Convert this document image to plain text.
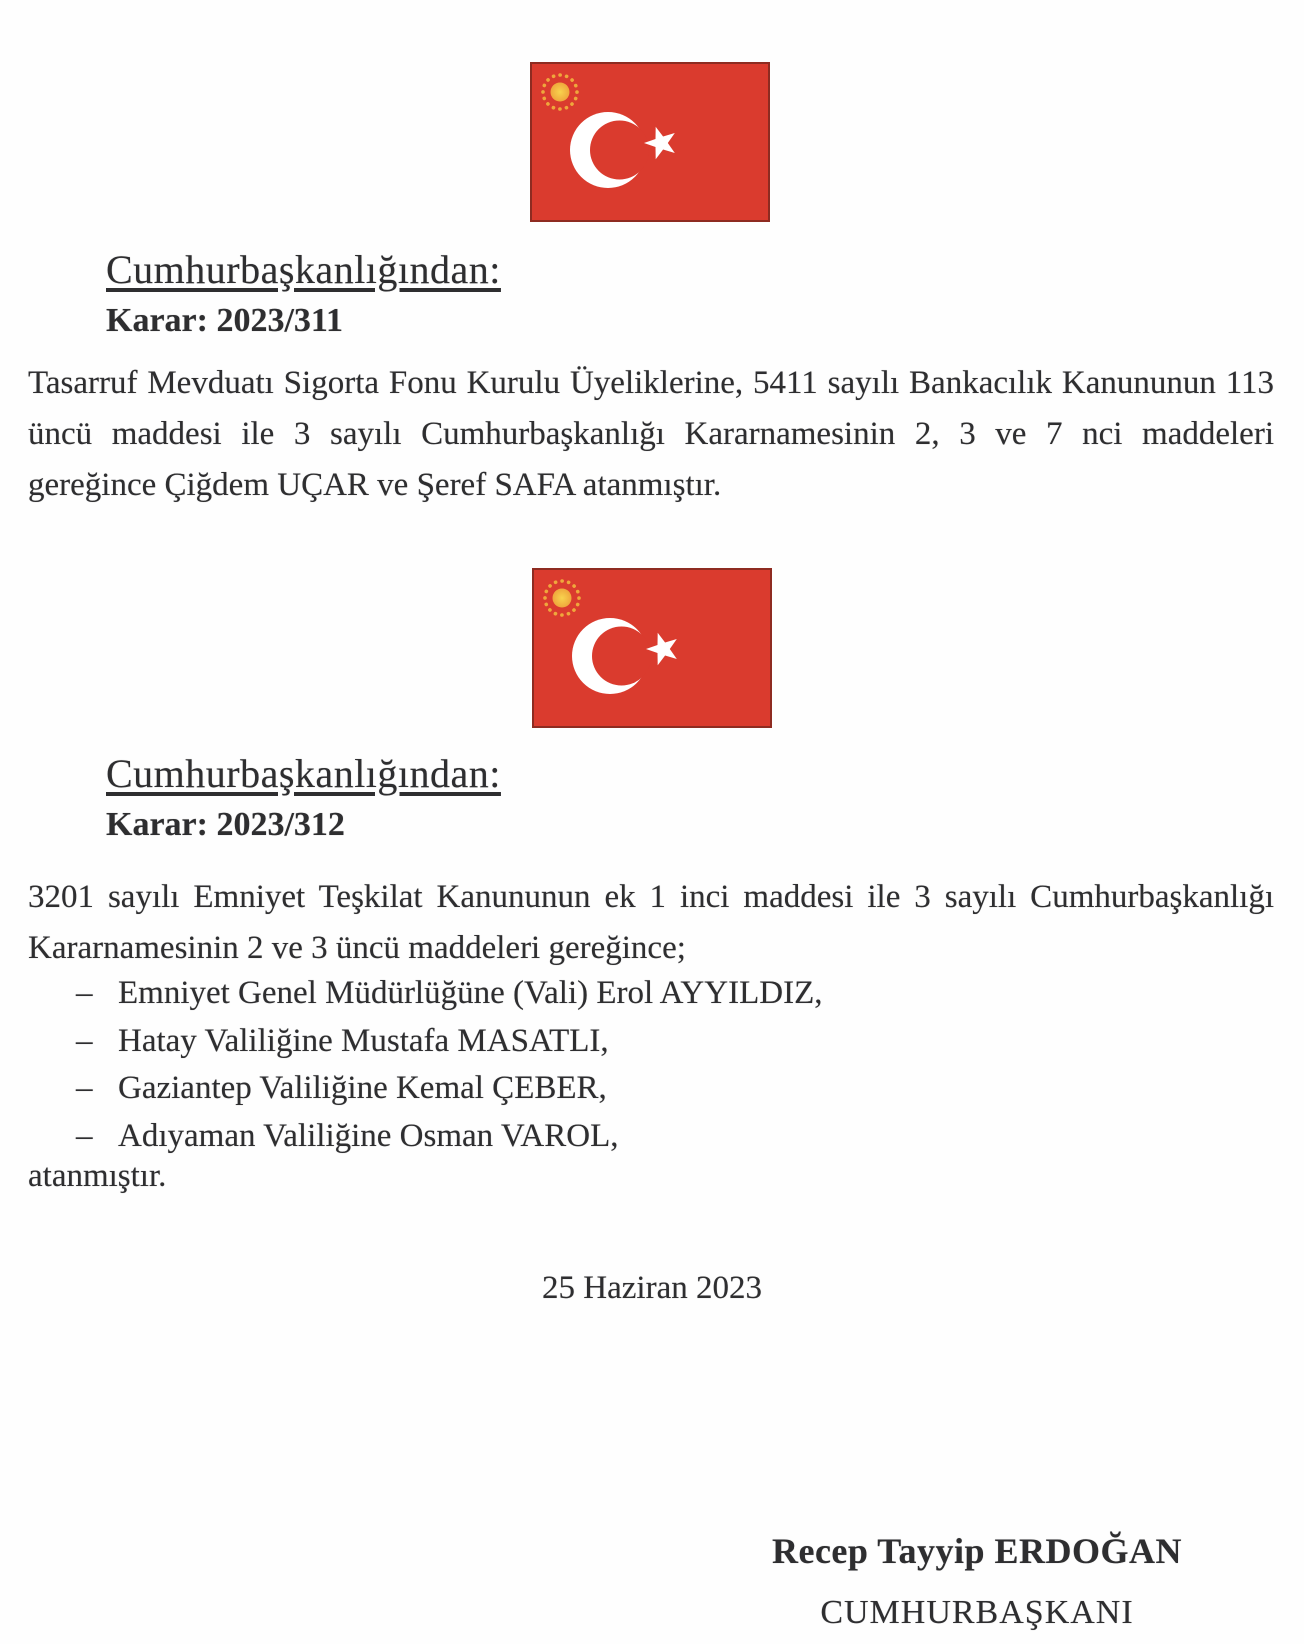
Cumhurbaşkanlığından:
Karar: 2023/311
Tasarruf Mevduatı Sigorta Fonu Kurulu Üyeliklerine, 5411 sayılı Bankacılık Kanununun 113 üncü maddesi ile 3 sayılı Cumhurbaşkanlığı Kararnamesinin 2, 3 ve 7 nci maddeleri gereğince Çiğdem UÇAR ve Şeref SAFA atanmıştır.
Cumhurbaşkanlığından:
Karar: 2023/312
3201 sayılı Emniyet Teşkilat Kanununun ek 1 inci maddesi ile 3 sayılı Cumhurbaşkanlığı Kararnamesinin 2 ve 3 üncü maddeleri gereğince;
– Emniyet Genel Müdürlüğüne (Vali) Erol AYYILDIZ,
– Hatay Valiliğine Mustafa MASATLI,
– Gaziantep Valiliğine Kemal ÇEBER,
– Adıyaman Valiliğine Osman VAROL,
atanmıştır.
25 Haziran 2023
Recep Tayyip ERDOĞAN
CUMHURBAŞKANI
